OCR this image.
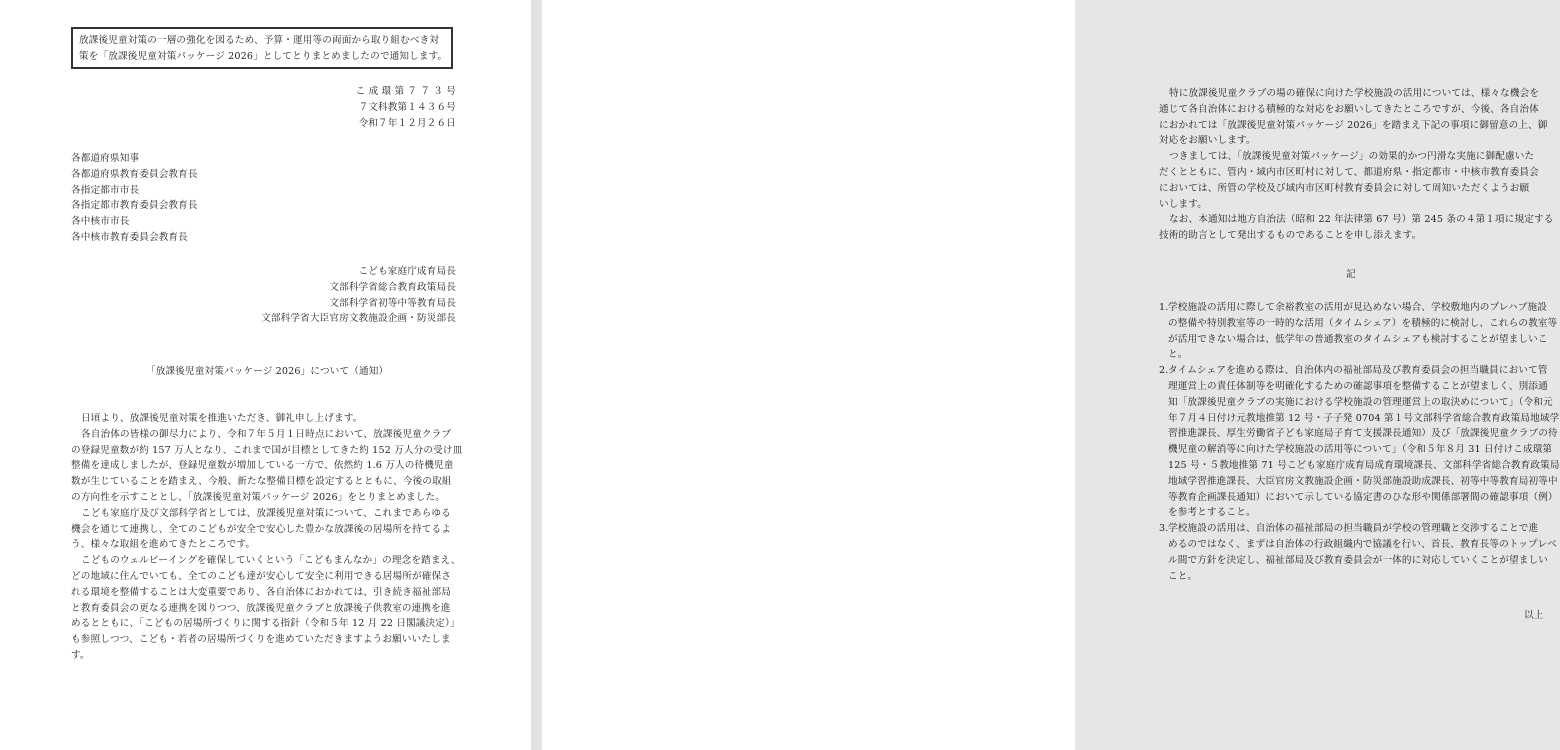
放課後児童対策の一層の強化を図るため、予算・運用等の両面から取り組むべき対
策を「放課後児童対策パッケージ 2026」としてとりまとめましたので通知します。
こ 成 環 第 ７ ７ ３ 号
７文科教第１４３６号
令和７年１２月２６日
各都道府県知事
各都道府県教育委員会教育長
各指定都市市長
各指定都市教育委員会教育長
各中核市市長
各中核市教育委員会教育長
こども家庭庁成育局長
文部科学省総合教育政策局長
文部科学省初等中等教育局長
文部科学省大臣官房文教施設企画・防災部長
「放課後児童対策パッケージ 2026」について（通知）
日頃より、放課後児童対策を推進いただき、御礼申し上げます。
各自治体の皆様の御尽力により、令和７年５月１日時点において、放課後児童クラブ
の登録児童数が約 157 万人となり、これまで国が目標としてきた約 152 万人分の受け皿
整備を達成しましたが、登録児童数が増加している一方で、依然約 1.6 万人の待機児童
数が生じていることを踏まえ、今般、新たな整備目標を設定するとともに、今後の取組
の方向性を示すこととし、「放課後児童対策パッケージ 2026」をとりまとめました。
こども家庭庁及び文部科学省としては、放課後児童対策について、これまであらゆる
機会を通じて連携し、全てのこどもが安全で安心した豊かな放課後の居場所を持てるよ
う、様々な取組を進めてきたところです。
こどものウェルビーイングを確保していくという「こどもまんなか」の理念を踏まえ、
どの地域に住んでいても、全てのこども達が安心して安全に利用できる居場所が確保さ
れる環境を整備することは大変重要であり、各自治体におかれては、引き続き福祉部局
と教育委員会の更なる連携を図りつつ、放課後児童クラブと放課後子供教室の連携を進
めるとともに、「こどもの居場所づくりに関する指針（令和５年 12 月 22 日閣議決定）」
も参照しつつ、こども・若者の居場所づくりを進めていただきますようお願いいたしま
す。
特に放課後児童クラブの場の確保に向けた学校施設の活用については、様々な機会を
通じて各自治体における積極的な対応をお願いしてきたところですが、今後、各自治体
におかれては「放課後児童対策パッケージ 2026」を踏まえ下記の事項に御留意の上、御
対応をお願いします。
つきましては、「放課後児童対策パッケージ」の効果的かつ円滑な実施に御配慮いた
だくとともに、管内・域内市区町村に対して、都道府県・指定都市・中核市教育委員会
においては、所管の学校及び域内市区町村教育委員会に対して周知いただくようお願
いします。
なお、本通知は地方自治法（昭和 22 年法律第 67 号）第 245 条の４第１項に規定する
技術的助言として発出するものであることを申し添えます。
記
1. 学校施設の活用に際して余裕教室の活用が見込めない場合、学校敷地内のプレハブ施設
の整備や特別教室等の一時的な活用（タイムシェア）を積極的に検討し、これらの教室等
が活用できない場合は、低学年の普通教室のタイムシェアも検討することが望ましいこ
と。
2. タイムシェアを進める際は、自治体内の福祉部局及び教育委員会の担当職員において管
理運営上の責任体制等を明確化するための確認事項を整備することが望ましく、別添通
知「放課後児童クラブの実施における学校施設の管理運営上の取決めについて」（令和元
年７月４日付け元教地推第 12 号・子子発 0704 第１号文部科学省総合教育政策局地域学
習推進課長、厚生労働省子ども家庭局子育て支援課長通知）及び「放課後児童クラブの待
機児童の解消等に向けた学校施設の活用等について」（令和５年８月 31 日付けこ成環第
125 号・５教地推第 71 号こども家庭庁成育局成育環境課長、文部科学省総合教育政策局
地域学習推進課長、大臣官房文教施設企画・防災部施設助成課長、初等中等教育局初等中
等教育企画課長通知）において示している協定書のひな形や関係部署間の確認事項（例）
を参考とすること。
3. 学校施設の活用は、自治体の福祉部局の担当職員が学校の管理職と交渉することで進
めるのではなく、まずは自治体の行政組織内で協議を行い、首長、教育長等のトップレベ
ル間で方針を決定し、福祉部局及び教育委員会が一体的に対応していくことが望ましい
こと。
以上
